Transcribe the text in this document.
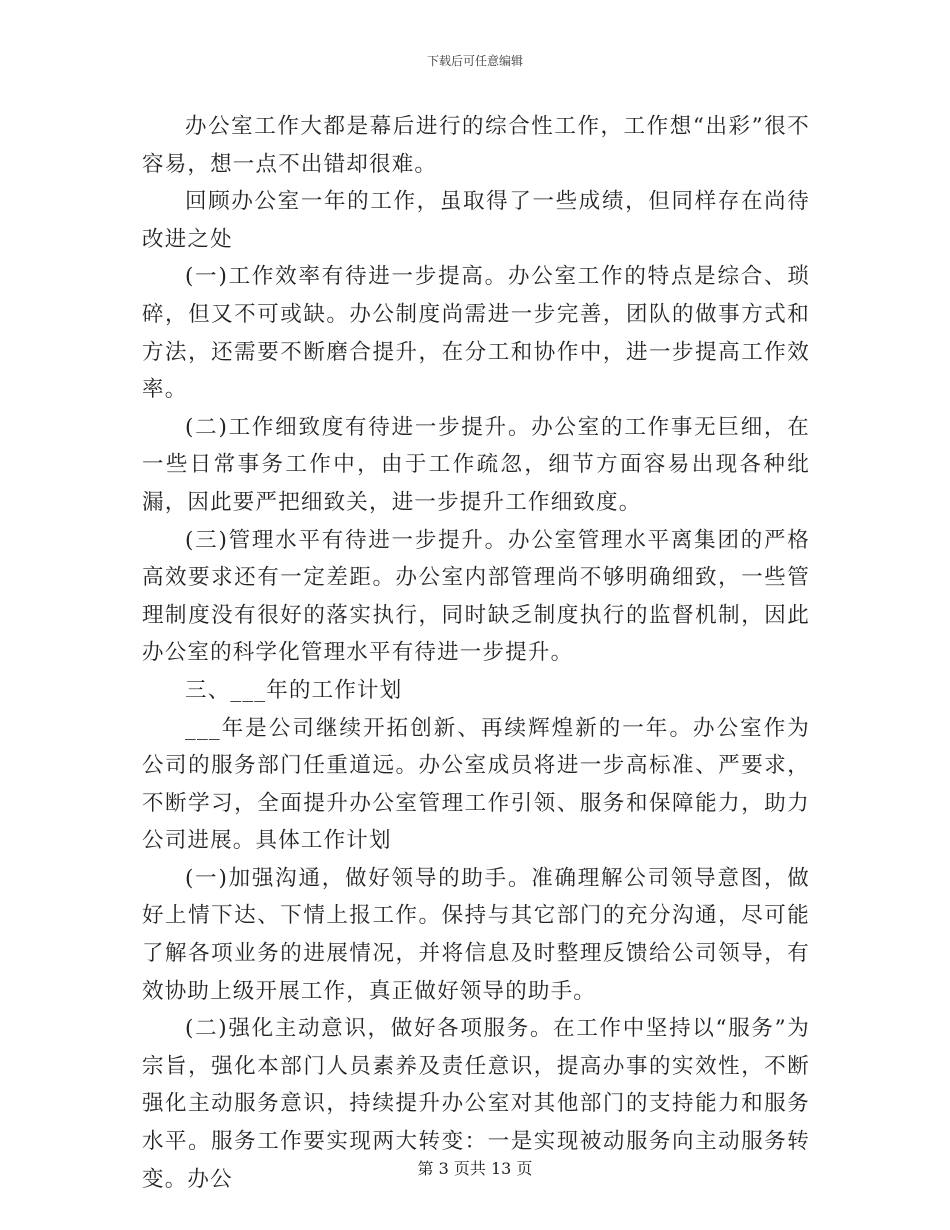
下载后可任意编辑

办公室工作大都是幕后进行的综合性工作，工作想“出彩”很不容易，想一点不出错却很难。

回顾办公室一年的工作，虽取得了一些成绩，但同样存在尚待改进之处

(一)工作效率有待进一步提高。办公室工作的特点是综合、琐碎，但又不可或缺。办公制度尚需进一步完善，团队的做事方式和方法，还需要不断磨合提升，在分工和协作中，进一步提高工作效率。

(二)工作细致度有待进一步提升。办公室的工作事无巨细，在一些日常事务工作中，由于工作疏忽，细节方面容易出现各种纰漏，因此要严把细致关，进一步提升工作细致度。

(三)管理水平有待进一步提升。办公室管理水平离集团的严格高效要求还有一定差距。办公室内部管理尚不够明确细致，一些管理制度没有很好的落实执行，同时缺乏制度执行的监督机制，因此办公室的科学化管理水平有待进一步提升。

三、___年的工作计划

___年是公司继续开拓创新、再续辉煌新的一年。办公室作为公司的服务部门任重道远。办公室成员将进一步高标准、严要求，不断学习，全面提升办公室管理工作引领、服务和保障能力，助力公司进展。具体工作计划

(一)加强沟通，做好领导的助手。准确理解公司领导意图，做好上情下达、下情上报工作。保持与其它部门的充分沟通，尽可能了解各项业务的进展情况，并将信息及时整理反馈给公司领导，有效协助上级开展工作，真正做好领导的助手。

(二)强化主动意识，做好各项服务。在工作中坚持以“服务”为宗旨，强化本部门人员素养及责任意识，提高办事的实效性，不断强化主动服务意识，持续提升办公室对其他部门的支持能力和服务水平。服务工作要实现两大转变：一是实现被动服务向主动服务转变。办公	第 3 页共 13 页
